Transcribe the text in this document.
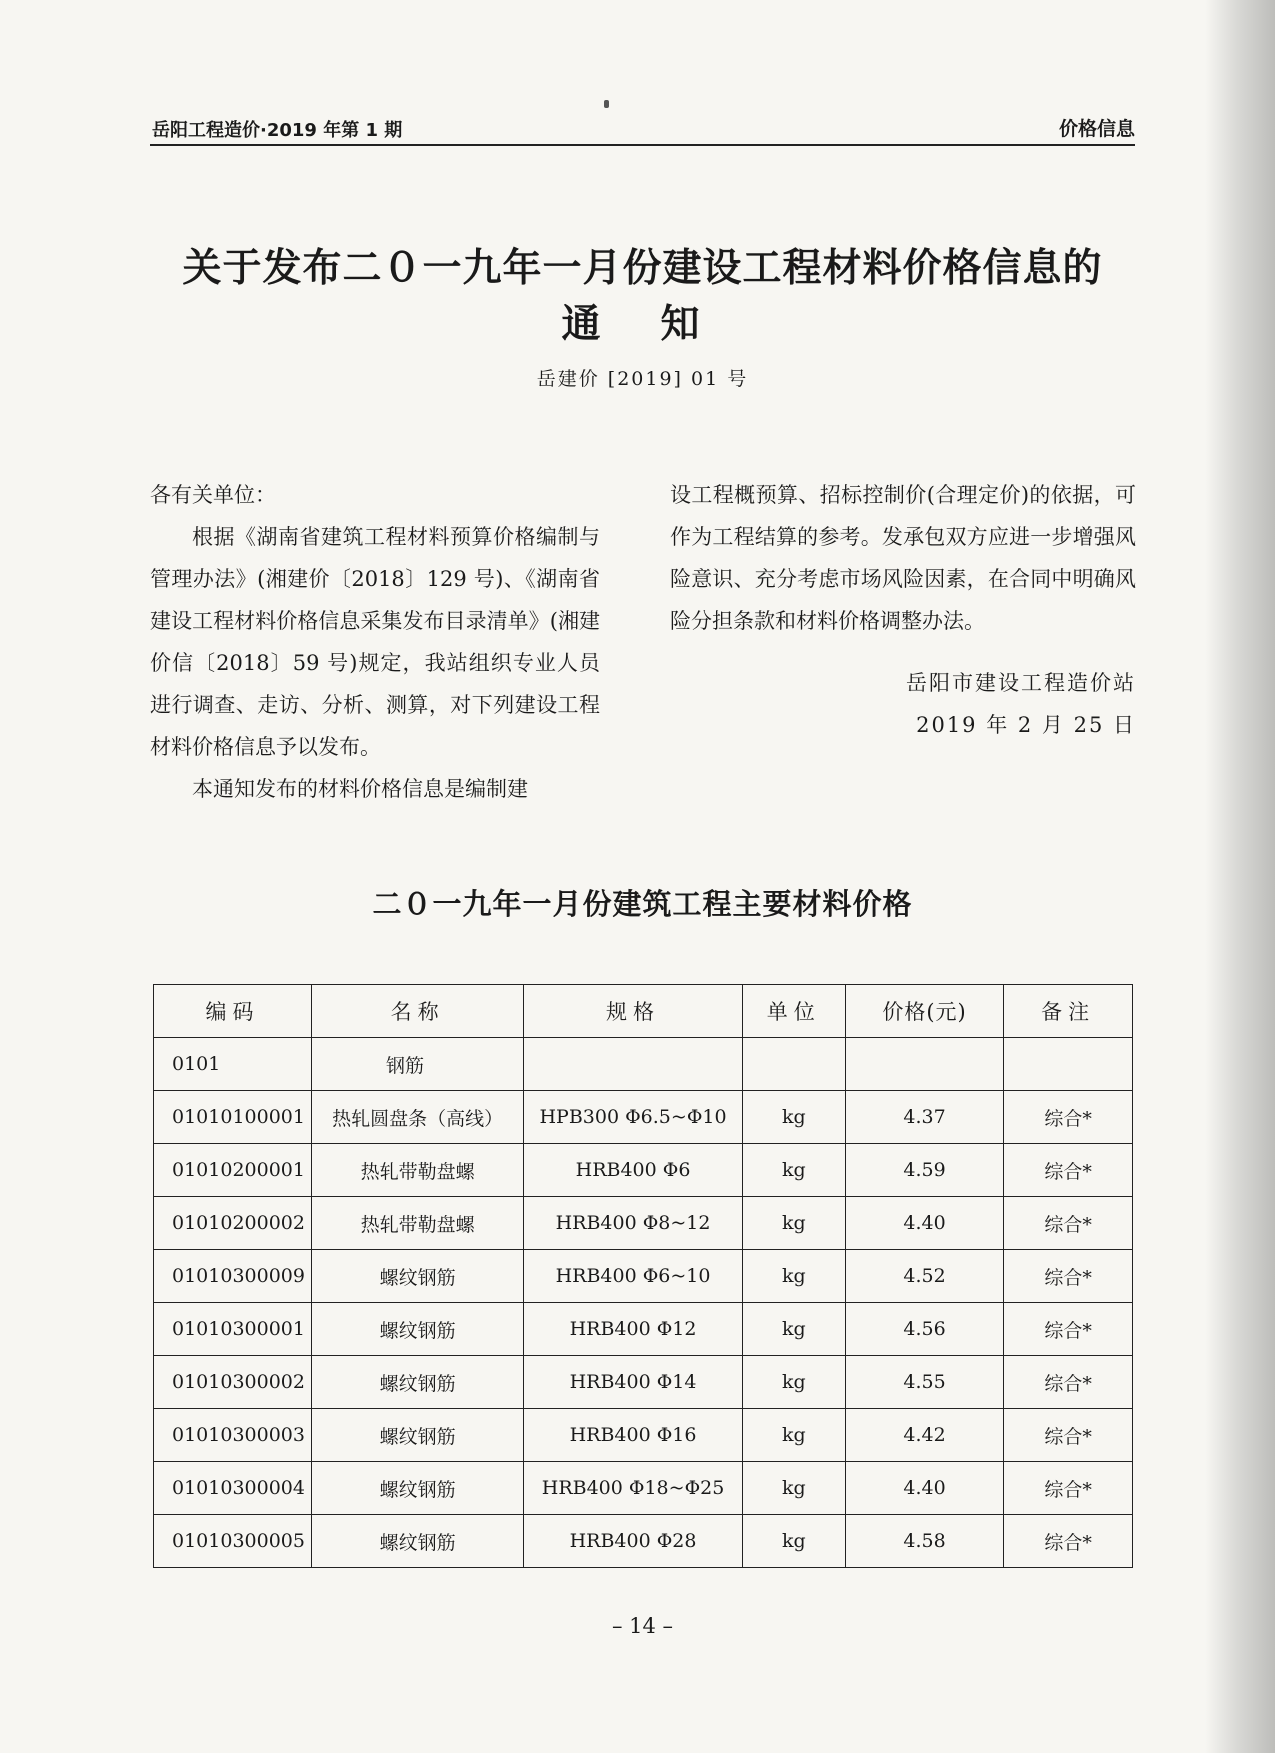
岳阳工程造价·2019 年第 1 期	价格信息
关于发布二０一九年一月份建设工程材料价格信息的
通知
岳建价 [2019] 01 号

各有关单位：

根据《湖南省建筑工程材料预算价格编制与管理办法》(湘建价〔2018〕129 号)、《湖南省建设工程材料价格信息采集发布目录清单》(湘建价信〔2018〕59 号)规定，我站组织专业人员进行调查、走访、分析、测算，对下列建设工程材料价格信息予以发布。

本通知发布的材料价格信息是编制建

设工程概预算、招标控制价(合理定价)的依据，可作为工程结算的参考。发承包双方应进一步增强风险意识、充分考虑市场风险因素，在合同中明确风险分担条款和材料价格调整办法。

岳阳市建设工程造价站

2019 年 2 月 25 日

二０一九年一月份建筑工程主要材料价格
编码	名称	规格	单位	价格(元)	备注
0101	钢筋				
01010100001	热轧圆盘条（高线）	HPB300 Φ6.5~Φ10	kg	4.37	综合*
01010200001	热轧带勒盘螺	HRB400 Φ6	kg	4.59	综合*
01010200002	热轧带勒盘螺	HRB400 Φ8~12	kg	4.40	综合*
01010300009	螺纹钢筋	HRB400 Φ6~10	kg	4.52	综合*
01010300001	螺纹钢筋	HRB400 Φ12	kg	4.56	综合*
01010300002	螺纹钢筋	HRB400 Φ14	kg	4.55	综合*
01010300003	螺纹钢筋	HRB400 Φ16	kg	4.42	综合*
01010300004	螺纹钢筋	HRB400 Φ18~Φ25	kg	4.40	综合*
01010300005	螺纹钢筋	HRB400 Φ28	kg	4.58	综合*
– 14 –
